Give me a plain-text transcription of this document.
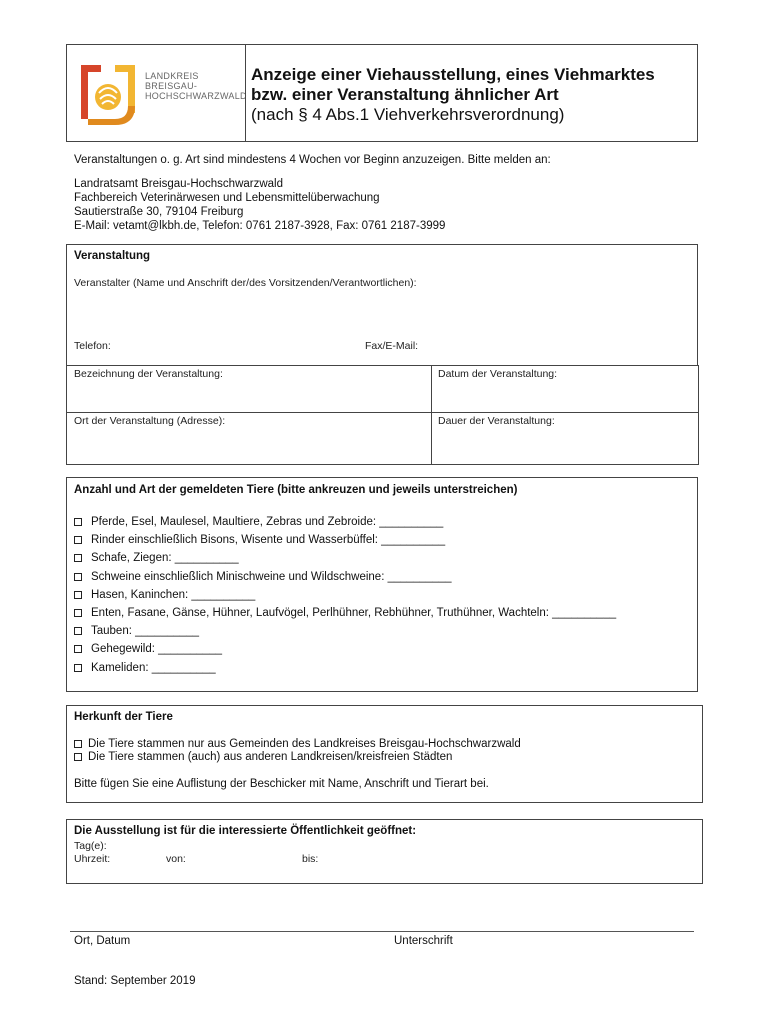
LANDKREIS
BREISGAU-
HOCHSCHWARZWALD
Anzeige einer Viehausstellung, eines Viehmarktes
bzw. einer Veranstaltung ähnlicher Art
(nach § 4 Abs.1 Viehverkehrsverordnung)
Veranstaltungen o. g. Art sind mindestens 4 Wochen vor Beginn anzuzeigen. Bitte melden an:
Landratsamt Breisgau-Hochschwarzwald
Fachbereich Veterinärwesen und Lebensmittelüberwachung
Sautierstraße 30, 79104 Freiburg
E-Mail: vetamt@lkbh.de, Telefon: 0761 2187-3928, Fax: 0761 2187-3999
Veranstaltung
Veranstalter (Name und Anschrift der/des Vorsitzenden/Verantwortlichen):
Telefon:	Fax/E-Mail:
Bezeichnung der Veranstaltung:	Datum der Veranstaltung:
Ort der Veranstaltung (Adresse):	Dauer der Veranstaltung:
Anzahl und Art der gemeldeten Tiere (bitte ankreuzen und jeweils unterstreichen)
Pferde, Esel, Maulesel, Maultiere, Zebras und Zebroide: __________
Rinder einschließlich Bisons, Wisente und Wasserbüffel: __________
Schafe, Ziegen: __________
Schweine einschließlich Minischweine und Wildschweine: __________
Hasen, Kaninchen: __________
Enten, Fasane, Gänse, Hühner, Laufvögel, Perlhühner, Rebhühner, Truthühner, Wachteln: __________
Tauben: __________
Gehegewild: __________
Kameliden: __________
Herkunft der Tiere
Die Tiere stammen nur aus Gemeinden des Landkreises Breisgau-Hochschwarzwald
Die Tiere stammen (auch) aus anderen Landkreisen/kreisfreien Städten
Bitte fügen Sie eine Auflistung der Beschicker mit Name, Anschrift und Tierart bei.
Die Ausstellung ist für die interessierte Öffentlichkeit geöffnet:
Tag(e):
Uhrzeit:	von:	bis:
Ort, Datum	Unterschrift
Stand: September 2019
